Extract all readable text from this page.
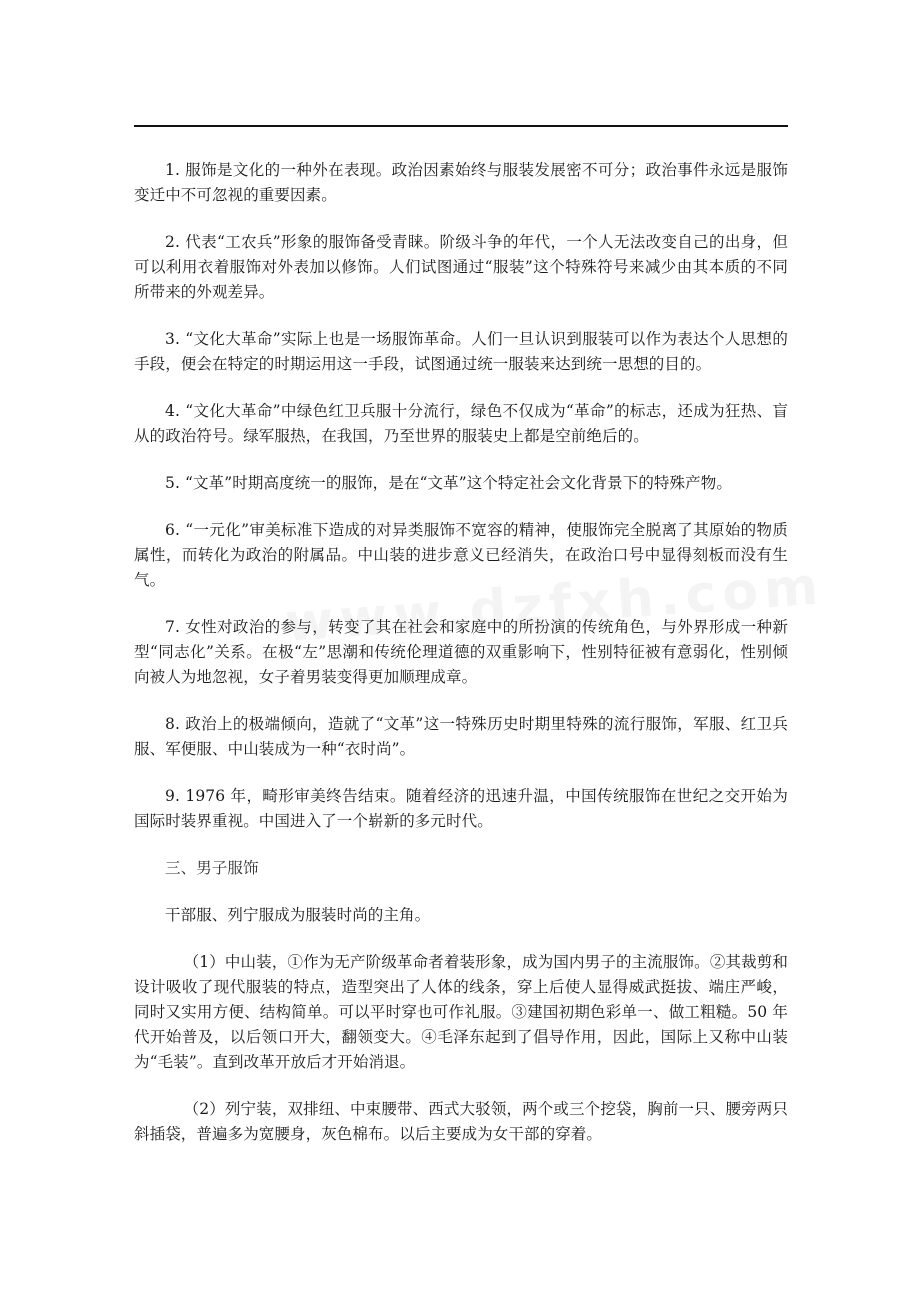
1. 服饰是文化的一种外在表现。政治因素始终与服装发展密不可分；政治事件永远是服饰变迁中不可忽视的重要因素。

2. 代表“工农兵”形象的服饰备受青睐。阶级斗争的年代，一个人无法改变自己的出身，但可以利用衣着服饰对外表加以修饰。人们试图通过“服装”这个特殊符号来减少由其本质的不同所带来的外观差异。

3. “文化大革命”实际上也是一场服饰革命。人们一旦认识到服装可以作为表达个人思想的手段，便会在特定的时期运用这一手段，试图通过统一服装来达到统一思想的目的。

4. “文化大革命”中绿色红卫兵服十分流行，绿色不仅成为“革命”的标志，还成为狂热、盲从的政治符号。绿军服热，在我国，乃至世界的服装史上都是空前绝后的。

5. “文革”时期高度统一的服饰，是在“文革”这个特定社会文化背景下的特殊产物。

6. “一元化”审美标准下造成的对异类服饰不宽容的精神，使服饰完全脱离了其原始的物质属性，而转化为政治的附属品。中山装的进步意义已经消失，在政治口号中显得刻板而没有生气。

7. 女性对政治的参与，转变了其在社会和家庭中的所扮演的传统角色，与外界形成一种新型“同志化”关系。在极“左”思潮和传统伦理道德的双重影响下，性别特征被有意弱化，性别倾向被人为地忽视，女子着男装变得更加顺理成章。

8. 政治上的极端倾向，造就了“文革”这一特殊历史时期里特殊的流行服饰，军服、红卫兵服、军便服、中山装成为一种“衣时尚”。

9. 1976 年，畸形审美终告结束。随着经济的迅速升温，中国传统服饰在世纪之交开始为国际时装界重视。中国进入了一个崭新的多元时代。

三、男子服饰

干部服、列宁服成为服装时尚的主角。

（1）中山装，①作为无产阶级革命者着装形象，成为国内男子的主流服饰。②其裁剪和设计吸收了现代服装的特点，造型突出了人体的线条，穿上后使人显得威武挺拔、端庄严峻，同时又实用方便、结构简单。可以平时穿也可作礼服。③建国初期色彩单一、做工粗糙。50 年代开始普及，以后领口开大，翻领变大。④毛泽东起到了倡导作用，因此，国际上又称中山装为“毛装”。直到改革开放后才开始消退。

（2）列宁装，双排纽、中束腰带、西式大驳领，两个或三个挖袋，胸前一只、腰旁两只斜插袋，普遍多为宽腰身，灰色棉布。以后主要成为女干部的穿着。
